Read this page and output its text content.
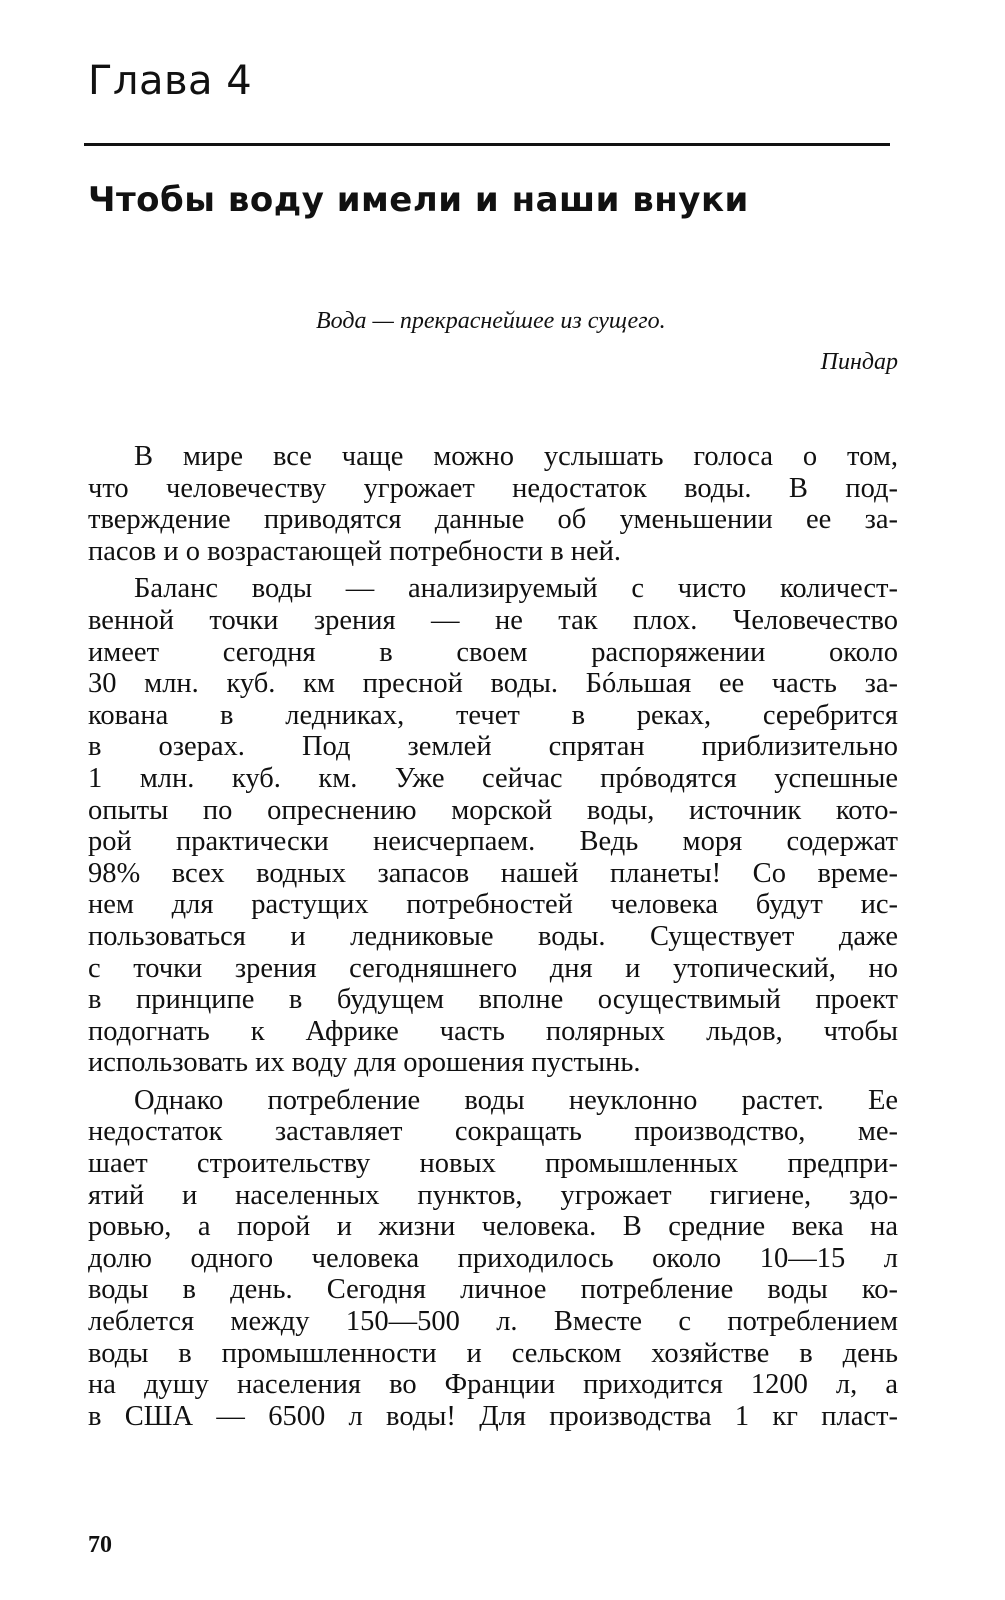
Глава 4
Чтобы воду имели и наши внуки
Вода — прекраснейшее из сущего.
Пиндар
В мире все чаще можно услышать голоса о том,
что человечеству угрожает недостаток воды. В под-
тверждение приводятся данные об уменьшении ее за-
пасов и о возрастающей потребности в ней.
Баланс воды — анализируемый с чисто количест-
венной точки зрения — не так плох. Человечество
имеет сегодня в своем распоряжении около
30 млн. куб. км пресной воды. Бóльшая ее часть за-
кована в ледниках, течет в реках, серебрится
в озерах. Под землей спрятан приблизительно
1 млн. куб. км. Уже сейчас прóводятся успешные
опыты по опреснению морской воды, источник кото-
рой практически неисчерпаем. Ведь моря содержат
98% всех водных запасов нашей планеты! Со време-
нем для растущих потребностей человека будут ис-
пользоваться и ледниковые воды. Существует даже
с точки зрения сегодняшнего дня и утопический, но
в принципе в будущем вполне осуществимый проект
подогнать к Африке часть полярных льдов, чтобы
использовать их воду для орошения пустынь.
Однако потребление воды неуклонно растет. Ее
недостаток заставляет сокращать производство, ме-
шает строительству новых промышленных предпри-
ятий и населенных пунктов, угрожает гигиене, здо-
ровью, а порой и жизни человека. В средние века на
долю одного человека приходилось около 10—15 л
воды в день. Сегодня личное потребление воды ко-
леблется между 150—500 л. Вместе с потреблением
воды в промышленности и сельском хозяйстве в день
на душу населения во Франции приходится 1200 л, а
в США — 6500 л воды! Для производства 1 кг пласт-
70
